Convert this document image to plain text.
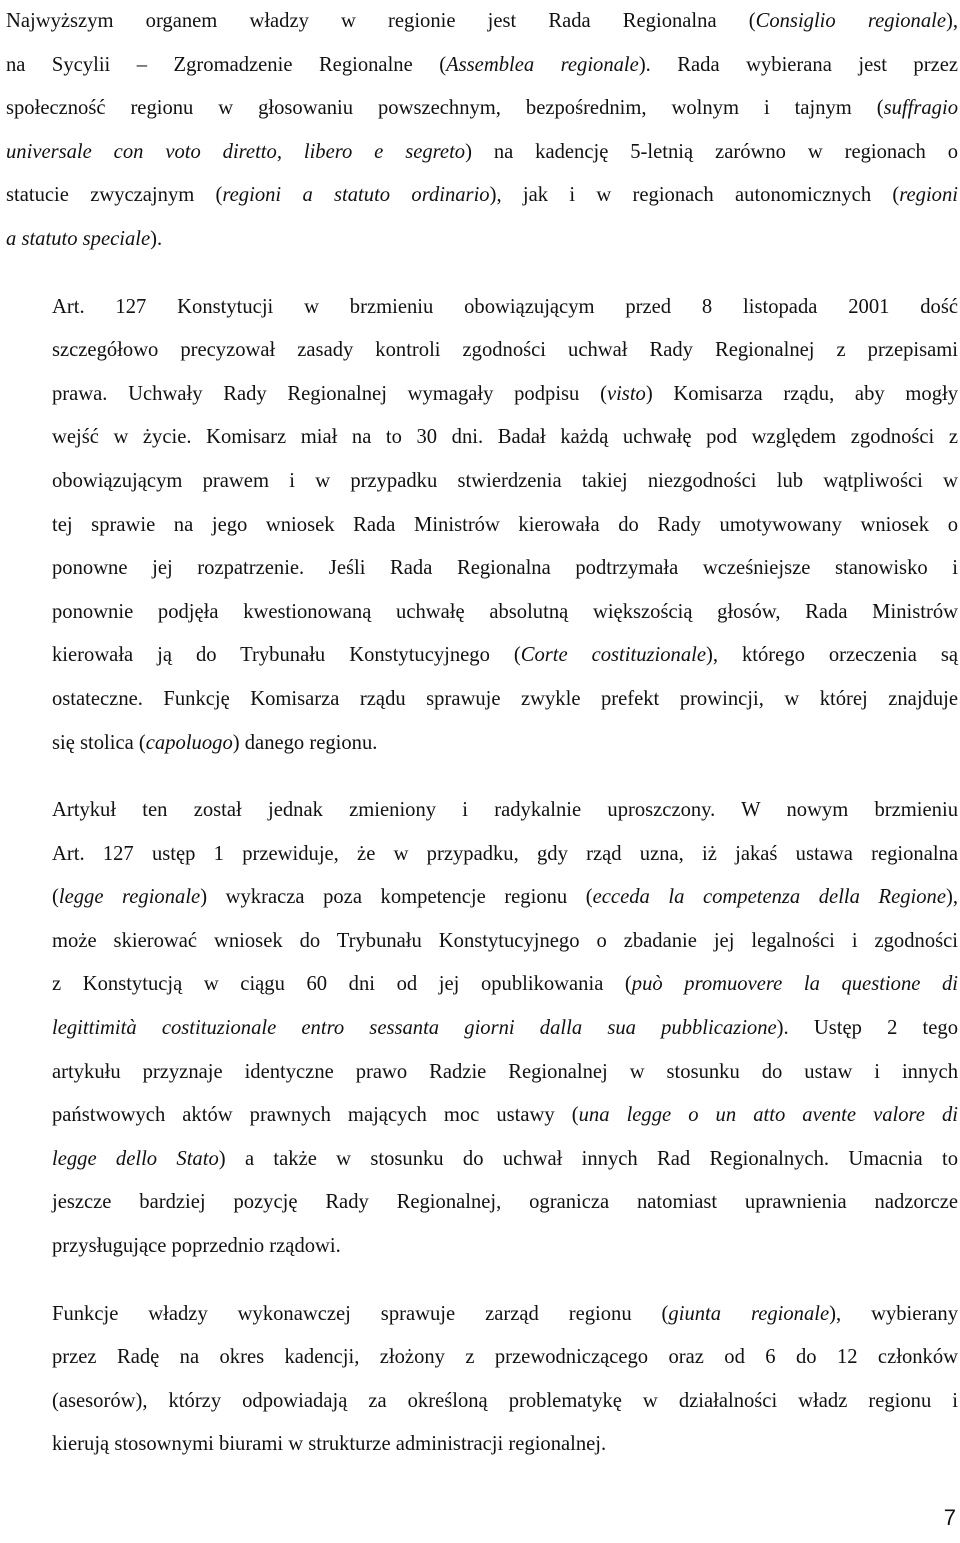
Najwyższym organem władzy w regionie jest Rada Regionalna (Consiglio regionale),
na Sycylii – Zgromadzenie Regionalne (Assemblea regionale). Rada wybierana jest przez
społeczność regionu w głosowaniu powszechnym, bezpośrednim, wolnym i tajnym (suffragio
universale con voto diretto, libero e segreto) na kadencję 5-letnią zarówno w regionach o
statucie zwyczajnym (regioni a statuto ordinario), jak i w regionach autonomicznych (regioni
a statuto speciale).
Art. 127 Konstytucji w brzmieniu obowiązującym przed 8 listopada 2001 dość
szczegółowo precyzował zasady kontroli zgodności uchwał Rady Regionalnej z przepisami
prawa. Uchwały Rady Regionalnej wymagały podpisu (visto) Komisarza rządu, aby mogły
wejść w życie. Komisarz miał na to 30 dni. Badał każdą uchwałę pod względem zgodności z
obowiązującym prawem i w przypadku stwierdzenia takiej niezgodności lub wątpliwości w
tej sprawie na jego wniosek Rada Ministrów kierowała do Rady umotywowany wniosek o
ponowne jej rozpatrzenie. Jeśli Rada Regionalna podtrzymała wcześniejsze stanowisko i
ponownie podjęła kwestionowaną uchwałę absolutną większością głosów, Rada Ministrów
kierowała ją do Trybunału Konstytucyjnego (Corte costituzionale), którego orzeczenia są
ostateczne. Funkcję Komisarza rządu sprawuje zwykle prefekt prowincji, w której znajduje
się stolica (capoluogo) danego regionu.
Artykuł ten został jednak zmieniony i radykalnie uproszczony. W nowym brzmieniu
Art. 127 ustęp 1 przewiduje, że w przypadku, gdy rząd uzna, iż jakaś ustawa regionalna
(legge regionale) wykracza poza kompetencje regionu (ecceda la competenza della Regione),
może skierować wniosek do Trybunału Konstytucyjnego o zbadanie jej legalności i zgodności
z Konstytucją w ciągu 60 dni od jej opublikowania (può promuovere la questione di
legittimità costituzionale entro sessanta giorni dalla sua pubblicazione). Ustęp 2 tego
artykułu przyznaje identyczne prawo Radzie Regionalnej w stosunku do ustaw i innych
państwowych aktów prawnych mających moc ustawy (una legge o un atto avente valore di
legge dello Stato) a także w stosunku do uchwał innych Rad Regionalnych. Umacnia to
jeszcze bardziej pozycję Rady Regionalnej, ogranicza natomiast uprawnienia nadzorcze
przysługujące poprzednio rządowi.
Funkcje władzy wykonawczej sprawuje zarząd regionu (giunta regionale), wybierany
przez Radę na okres kadencji, złożony z przewodniczącego oraz od 6 do 12 członków
(asesorów), którzy odpowiadają za określoną problematykę w działalności władz regionu i
kierują stosownymi biurami w strukturze administracji regionalnej.
7
